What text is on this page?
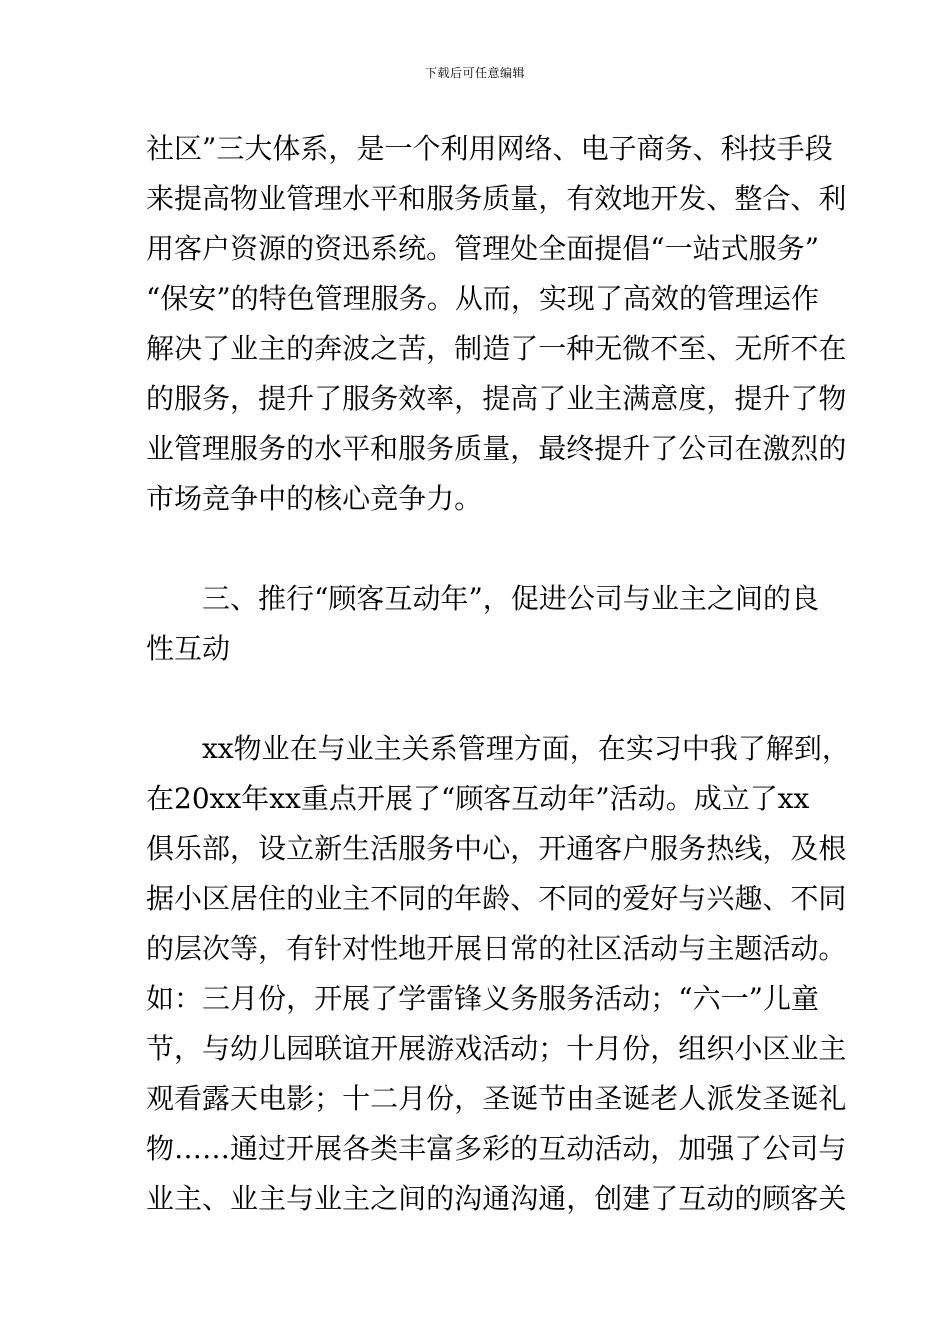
下载后可任意编辑
社 区 ” 三 大 体 系 ， 是 一 个 利 用 网 络 、 电 子 商 务 、 科 技 手 段
来 提 高 物 业 管 理 水 平 和 服 务 质 量 ， 有 效 地 开 发 、 整 合 、 利
用 客 户 资 源 的 资 迅 系 统 。 管 理 处 全 面 提 倡 “ 一 站 式 服 务 ”
“ 保 安 ” 的 特 色 管 理 服 务 。 从 而 ， 实 现 了 高 效 的 管 理 运 作
解 决 了 业 主 的 奔 波 之 苦 ， 制 造 了 一 种 无 微 不 至 、 无 所 不 在
的 服 务 ， 提 升 了 服 务 效 率 ， 提 高 了 业 主 满 意 度 ， 提 升 了 物
业 管 理 服 务 的 水 平 和 服 务 质 量 ， 最 终 提 升 了 公 司 在 激 烈 的
市 场 竞 争 中 的 核 心 竞 争 力 。
三 、 推 行 “ 顾 客 互 动 年 ” ， 促 进 公 司 与 业 主 之 间 的 良
性 互 动
xx 物 业 在 与 业 主 关 系 管 理 方 面 ， 在 实 习 中 我 了 解 到 ，
在 20xx 年 xx 重 点 开 展 了 “ 顾 客 互 动 年 ” 活 动 。 成 立 了 xx
俱 乐 部 ， 设 立 新 生 活 服 务 中 心 ， 开 通 客 户 服 务 热 线 ， 及 根
据 小 区 居 住 的 业 主 不 同 的 年 龄 、 不 同 的 爱 好 与 兴 趣 、 不 同
的 层 次 等 ， 有 针 对 性 地 开 展 日 常 的 社 区 活 动 与 主 题 活 动 。
如 ： 三 月 份 ， 开 展 了 学 雷 锋 义 务 服 务 活 动 ； “ 六 一 ” 儿 童
节 ， 与 幼 儿 园 联 谊 开 展 游 戏 活 动 ； 十 月 份 ， 组 织 小 区 业 主
观 看 露 天 电 影 ； 十 二 月 份 ， 圣 诞 节 由 圣 诞 老 人 派 发 圣 诞 礼
物 … … 通 过 开 展 各 类 丰 富 多 彩 的 互 动 活 动 ， 加 强 了 公 司 与
业 主 、 业 主 与 业 主 之 间 的 沟 通 沟 通 ， 创 建 了 互 动 的 顾 客 关
